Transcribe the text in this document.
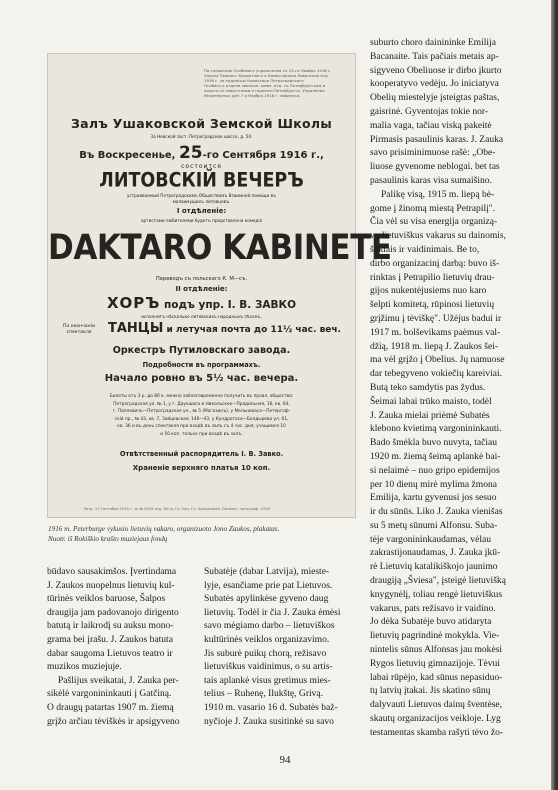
По сношению Особоваго упражнения съ 25-го Ноября 1916 г.
Закона Таможн. Кредитнаго и Комиссіонная Ливанская отд.
1916 г. за подписью Комиссара Петроградскаго
Особаго и отдела законоп. комм. отд. съ Петербургским и
какого-то новостными и подписи Петербургск. Упраления
Инженерных дел 7 и Ноября 1916 г. ливанска.
Залъ Ушаковской Земской Школы
За Невской заст. Петроградское шоссе, д. 54.
Въ Воскресенье, 25-го Сентября 1916 г.,
состоится
ЛИТОВСКІЙ ВЕЧЕРЪ
устраиваемый Петроградскимъ Обществомъ Взаимной помощи въ
малоимущихъ литовцевъ.
I отдѣленіе:
артистами любителями будетъ представлена комедія
DAKTARO KABINETE
Переводъ съ польскаго К. М—съ.
II отдѣленіе:
ХОРЪ подъ упр. І. В. ЗАВКО
исполнитъ нѣсколько литовскихъ народныхъ пѣсенъ.
По окончаніи
спектакля	ТАНЦЫ и летучая почта до 11½ час. веч.
Оркестръ Путиловскаго завода.
Подробности въ программахъ.
Начало ровно въ 5½ час. вечера.
Билеты отъ 3 р. до 80 к. можно заблаговременно получить въ правл. общества:
Петроградская ул. № 1, у г. Даукшиса в Никольское—Прядильная, 16, кв. 64,
г. Паплевичъ—Петроградская ул., № 5 (Магазинъ), у Мельникаса—Петергоф-
скій пр., № 43, кв. 7, Зайцевская, 146—43, у Кундротаса—Болдырева ул. 61,
кв. 36 и въ день спектакля при входѣ въ залъ съ 4 час. дня; учащимся 10
и 50 коп. только при входѣ въ залъ.
Отвѣтственный распорядитель І. В. Завко.
Храненіе верхняго платья 10 коп.
Разр. 17 Сентября 1916 г. за № 8029 изд. Петр. Гр. Нач. Гр. Канцелярія. Литовск. типограф. 1916
1916 m. Peterburge vykusio lietuvių vakaro, organizuoto Jono Zaukos, plakatas.
Nuotr. iš Rokiškio krašto muziejaus fondų
būdavo sausakimšos. Įvertindama
J. Zaukos nuopelnus lietuvių kul-
tūrinės veiklos baruose, Šalpos
draugija jam padovanojo dirigento
batutą ir laikrodį su auksu mono-
grama bei įrašu. J. Zaukos batuta
dabar saugoma Lietuvos teatro ir
muzikos muziejuje.
Pašlijus sveikatai, J. Zauka per-
sikėlė vargonininkauti į Gatčiną.
O draugų patartas 1907 m. žiemą
grįžo arčiau tėviškės ir apsigyveno
Subatėje (dabar Latvija), mieste-
lyje, esančiame prie pat Lietuvos.
Subatės apylinkėse gyveno daug
lietuvių. Todėl ir čia J. Zauka ėmėsi
savo mėgiamo darbo – lietuviškos
kultūrinės veiklos organizavimo.
Jis suburė puikų chorą, režisavo
lietuviškus vaidinimus, o su artis-
tais aplankė visus gretimus mies-
telius – Ruhenę, Ilukštę, Grivą.
1910 m. vasario 16 d. Subatės baž-
nyčioje J. Zauka susitinkė su savo
suburto choro dainininke Emilija
Bacanaite. Tais pačiais metais ap-
sigyveno Obeliuose ir dirbo įkurto
kooperatyvo vedėju. Jo iniciatyva
Obelių miestelyje įsteigtas paštas,
gaisrinė. Gyventojas tokie nor-
malia vaga, tačiau viską pakeitė
Pirmasis pasaulinis karas. J. Zauka
savo prisiminimuose rašė: „Obe-
liuose gyvenome neblogai. bet tas
pasaulinis karas visa sumaišino.
Palikę visą, 1915 m. liepą bė-
gome į žinomą miestą Petrapilį".
Čia vėl su visa energija organizą-
vo lietuviškus vakarus su dainomis,
šokiais ir vaidinimais. Be to,
dirbo organizacinį darbą: buvo iš-
rinktas į Petrapilio lietuvių drau-
gijos nukentėjusiems nuo karo
šelpti komitetą, rūpinosi lietuvių
grįžimu į tėviškę". Užėjus badui ir
1917 m. bolševikams paėmus val-
džią, 1918 m. liepą J. Zaukos šei-
ma vėl grįžo į Obelius. Jų namuose
dar tebegyveno vokiečių kareiviai.
Butą teko samdytis pas žydus.
Šeimai labai trūko maisto, todėl
J. Zauka mielai priėmė Subatės
klebono kvietimą vargonininkauti.
Bado šmėkla buvo nuvyta, tačiau
1920 m. žiemą šeimą aplankė bai-
si nelaimė – nuo gripo epidemijos
per 10 dienų mirė mylima žmona
Emilija, kartu gyvenusi jos sesuo
ir du sūnūs. Liko J. Zauka vienišas
su 5 metų sūnumi Alfonsu. Suba-
tėje vargonininkaudamas, vėlau
zakrastijonaudamas, J. Zauka įkū-
rė Lietuvių katalikiškojo jaunimo
draugiją „Šviesa", įsteigė lietuvišką
knygynėlį, toliau rengė lietuviškus
vakarus, pats režisavo ir vaidino.
Jo dėka Subatėje buvo atidaryta
lietuvių pagrindinė mokykla. Vie-
nintelis sūnus Alfonsas jau mokėsi
Rygos lietuvių gimnazijoje. Tėvui
labai rūpėjo, kad sūnus nepasiduo-
tų latvių įtakai. Jis skatino sūnų
dalyvauti Lietuvos dainų šventėse,
skautų organizacijos veikloje. Lyg
testamentas skamba rašyti tėvo žo-
94
